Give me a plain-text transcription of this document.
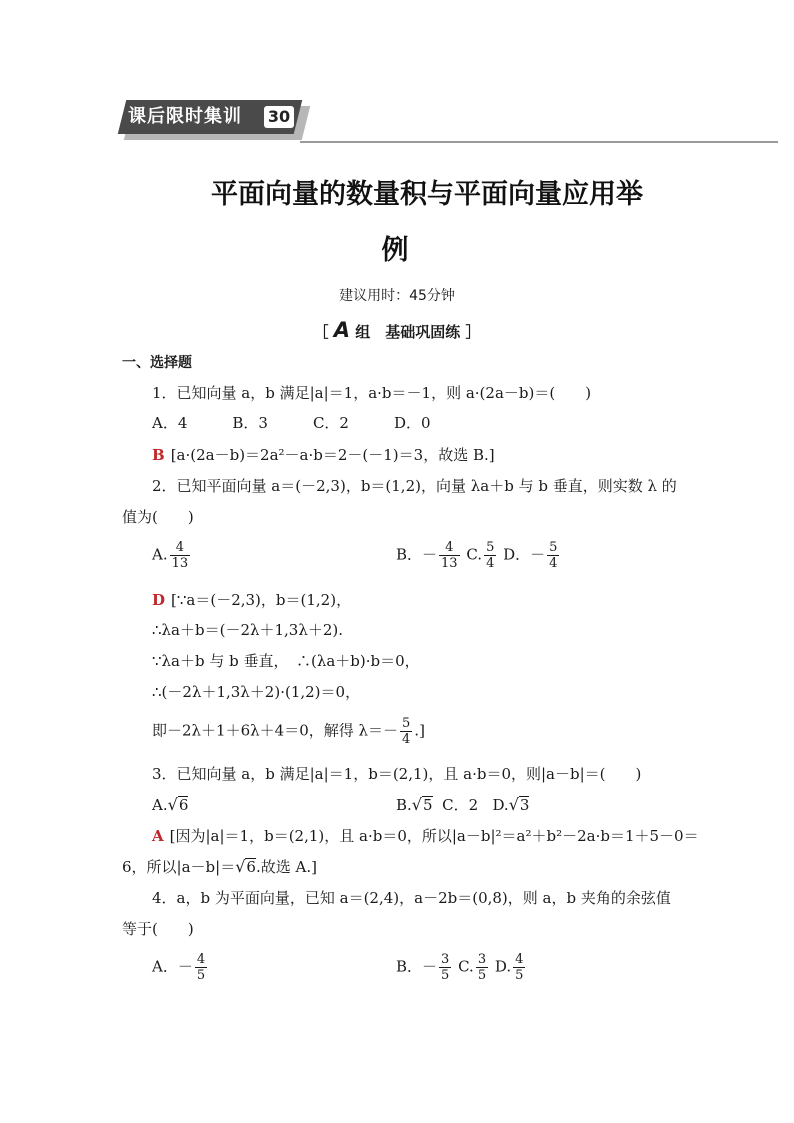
课后限时集训 30
平面向量的数量积与平面向量应用举
例
建议用时：45分钟
［ A 组　基础巩固练 ］
一、选择题
1．已知向量 a，b 满足|a|＝1，a·b＝－1，则 a·(2a－b)＝(　　)
A．4　　　B．3　　　C．2　　　D．0
B [a·(2a－b)＝2a²－a·b＝2－(－1)＝3，故选 B.]
2．已知平面向量 a＝(－2,3)，b＝(1,2)，向量 λa＋b 与 b 垂直，则实数 λ 的
值为(　　)
A. $\frac{4}{13}$	B．－ $\frac{4}{13} C$. $\frac{5}{4}$ D．－ $\frac{5}{4}$
D [∵a＝(－2,3)，b＝(1,2)，
∴λa＋b＝(－2λ＋1,3λ＋2).
∵λa＋b 与 b 垂直，　∴(λa＋b)·b＝0，
∴(－2λ＋1,3λ＋2)·(1,2)＝0，
即－2λ＋1＋6λ＋4＝0，解得 $\lambda=- \frac{5}{4}$ .]
3．已知向量 a，b 满足|a|＝1，b＝(2,1)，且 a·b＝0，则|a－b|＝(　　)
A.√6	B.√5 C．2 D.√3
A [因为|a|＝1，b＝(2,1)，且 a·b＝0，所以|a－b|²＝a²＋b²－2a·b＝1＋5－0＝
6，所以|a－b|＝√6.故选 A.]
4．a，b 为平面向量，已知 a＝(2,4)，a－2b＝(0,8)，则 a，b 夹角的余弦值
等于(　　)
A．－ $\frac{4}{5}$	B．－ $\frac{3}{5} C$. $\frac{3}{5} D$. $\frac{4}{5}$
